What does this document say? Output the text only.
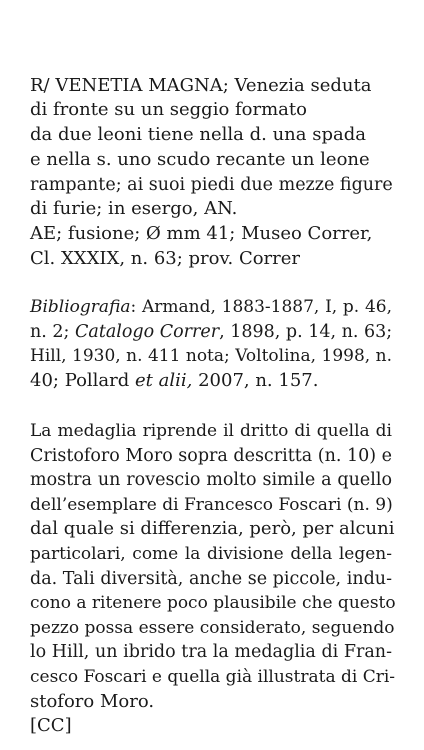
R/ VENETIA MAGNA; Venezia seduta
di fronte su un seggio formato
da due leoni tiene nella d. una spada
e nella s. uno scudo recante un leone
rampante; ai suoi piedi due mezze figure
di furie; in esergo, AN.
AE; fusione; Ø mm 41; Museo Correr,
Cl. XXXIX, n. 63; prov. Correr
Bibliografia: Armand, 1883-1887, I, p. 46,
n. 2; Catalogo Correr, 1898, p. 14, n. 63;
Hill, 1930, n. 411 nota; Voltolina, 1998, n.
40; Pollard et alii, 2007, n. 157.
La medaglia riprende il dritto di quella di
Cristoforo Moro sopra descritta (n. 10) e
mostra un rovescio molto simile a quello
dell’esemplare di Francesco Foscari (n. 9)
dal quale si differenzia, però, per alcuni
particolari, come la divisione della legen-
da. Tali diversità, anche se piccole, indu-
cono a ritenere poco plausibile che questo
pezzo possa essere considerato, seguendo
lo Hill, un ibrido tra la medaglia di Fran-
cesco Foscari e quella già illustrata di Cri-
stoforo Moro.
[CC]
